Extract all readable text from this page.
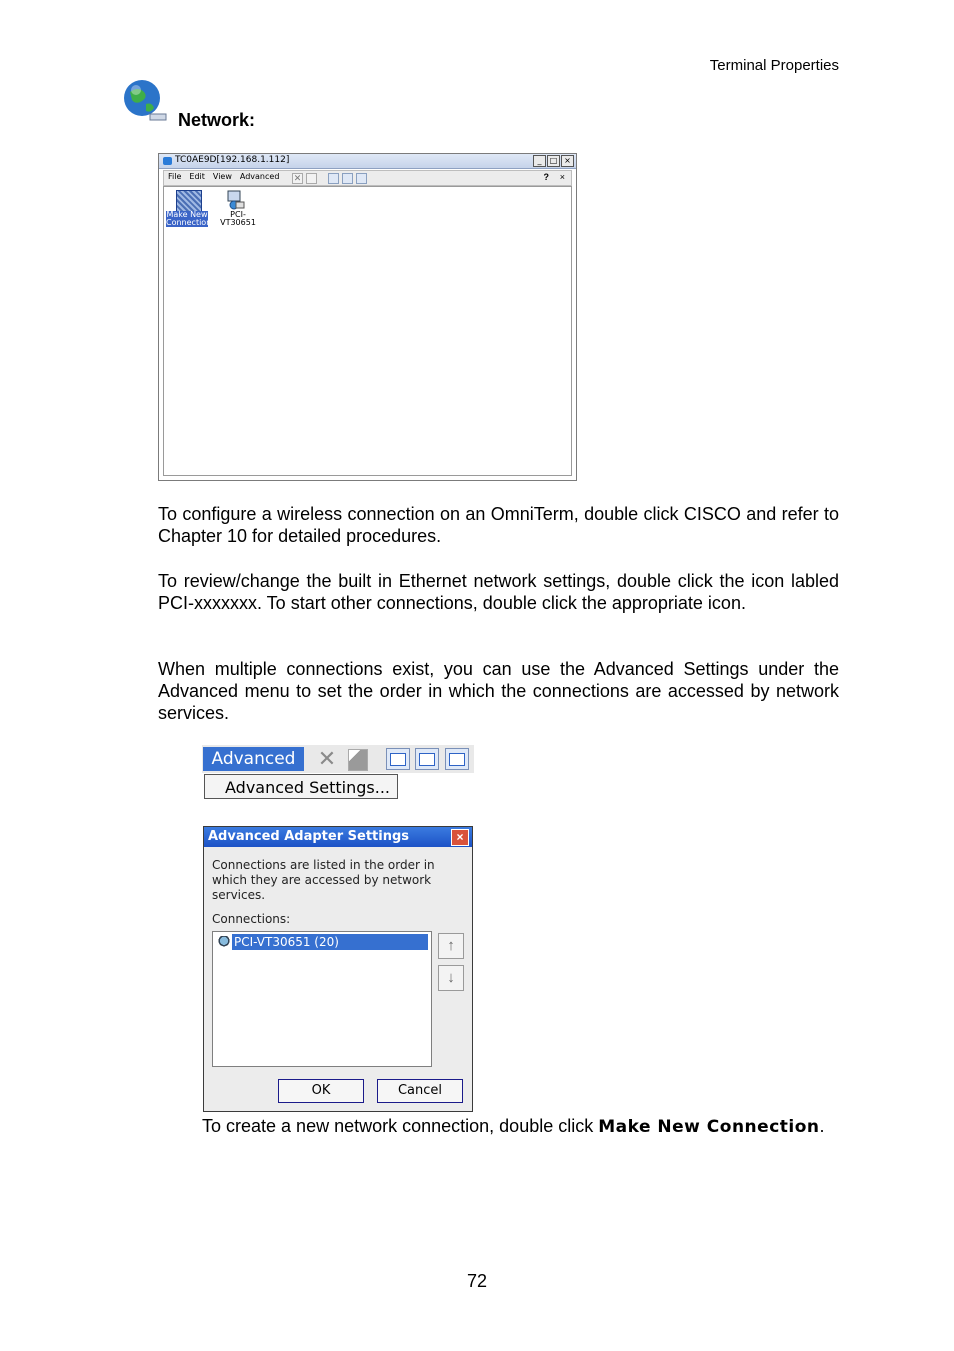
Terminal Properties
Network:
TC0AE9D[192.168.1.112]	_	□ ×
File Edit View Advanced ✕	? ×
Make New
Connection
PCI-
VT30651

To configure a wireless connection on an OmniTerm, double click CISCO and refer to Chapter 10 for detailed procedures.

To review/change the built in Ethernet network settings, double click the icon labled PCI-xxxxxxx. To start other connections, double click the appropriate icon.

When multiple connections exist, you can use the Advanced Settings under the Advanced menu to set the order in which the connections are accessed by network services.

Advanced	✕
Advanced Settings...
Advanced Adapter Settings	×
Connections are listed in the order in which they are accessed by network services.
Connections:
PCI-VT30651 (20)	↑
↓
OK	Cancel

To create a new network connection, double click Make New Connection.

72
